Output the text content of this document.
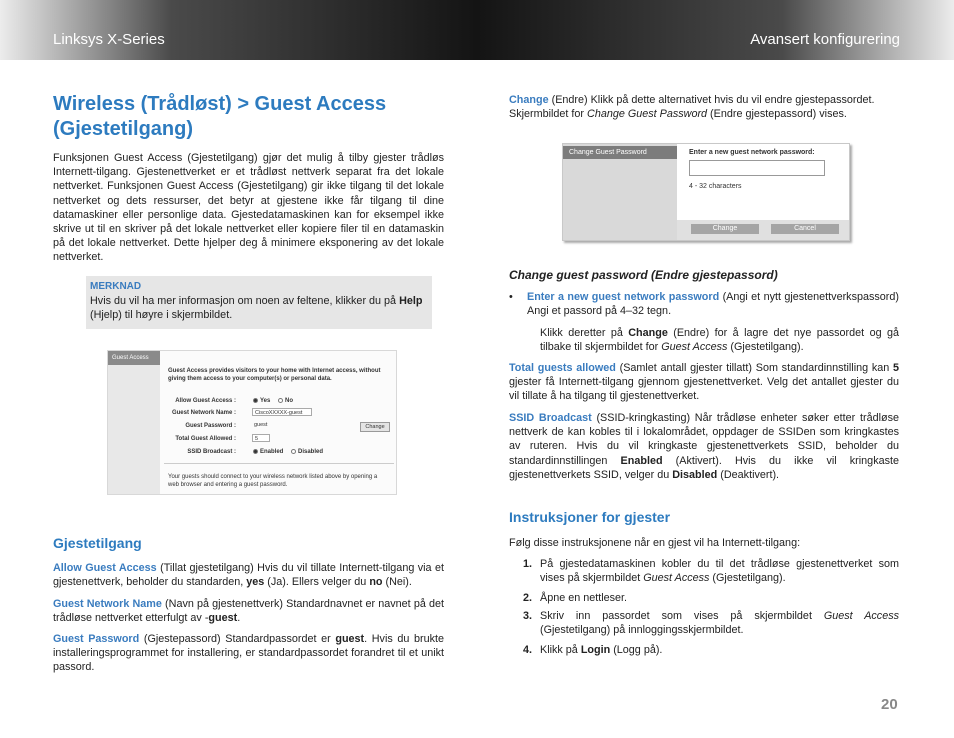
Linksys X-Series	Avansert konfigurering
Wireless (Trådløst) > Guest Access (Gjestetilgang)

Funksjonen Guest Access (Gjestetilgang) gjør det mulig å tilby gjester trådløs Internett-tilgang. Gjestenettverket er et trådløst nettverk separat fra det lokale nettverket. Funksjonen Guest Access (Gjestetilgang) gir ikke tilgang til det lokale nettverket og dets ressurser, det betyr at gjestene ikke får tilgang til dine datamaskiner eller personlige data. Gjestedatamaskinen kan for eksempel ikke skrive ut til en skriver på det lokale nettverket eller kopiere filer til en datamaskin på det lokale nettverket. Dette hjelper deg å minimere eksponering av det lokale nettverket.

MERKNAD
Hvis du vil ha mer informasjon om noen av feltene, klikker du på Help (Hjelp) til høyre i skjermbildet.
Guest Access
Guest Access provides visitors to your home with Internet access, without giving them access to your computer(s) or personal data.
Allow Guest Access :	Yes No
Guest Network Name :	CiscoXXXXX-guest
Guest Password :	guest	Change
Total Guest Allowed :	5
SSID Broadcast :	Enabled Disabled
Your guests should connect to your wireless network listed above by opening a web browser and entering a guest password.
Gjestetilgang

Allow Guest Access (Tillat gjestetilgang) Hvis du vil tillate Internett-tilgang via et gjestenettverk, beholder du standarden, yes (Ja). Ellers velger du no (Nei).

Guest Network Name (Navn på gjestenettverk) Standardnavnet er navnet på det trådløse nettverket etterfulgt av -guest.

Guest Password (Gjestepassord) Standardpassordet er guest. Hvis du brukte installeringsprogrammet for installering, er standardpassordet forandret til et unikt passord.

Change (Endre) Klikk på dette alternativet hvis du vil endre gjestepassordet. Skjermbildet for Change Guest Password (Endre gjestepassord) vises.

Change Guest Password	Enter a new guest network password:
4 - 32 characters
Change	Cancel
Change guest password (Endre gjestepassord)
• Enter a new guest network password (Angi et nytt gjestenettverkspassord) Angi et passord på 4–32 tegn.

Klikk deretter på Change (Endre) for å lagre det nye passordet og gå tilbake til skjermbildet for Guest Access (Gjestetilgang).

Total guests allowed (Samlet antall gjester tillatt) Som standardinnstilling kan 5 gjester få Internett-tilgang gjennom gjestenettverket. Velg det antallet gjester du vil tillate å ha tilgang til gjestenettverket.

SSID Broadcast (SSID-kringkasting) Når trådløse enheter søker etter trådløse nettverk de kan kobles til i lokalområdet, oppdager de SSIDen som kringkastes av ruteren. Hvis du vil kringkaste gjestenettverkets SSID, beholder du standardinnstillingen Enabled (Aktivert). Hvis du ikke vil kringkaste gjestenettverkets SSID, velger du Disabled (Deaktivert).

Instruksjoner for gjester

Følg disse instruksjonene når en gjest vil ha Internett-tilgang:

1. På gjestedatamaskinen kobler du til det trådløse gjestenettverket som vises på skjermbildet Guest Access (Gjestetilgang).

2. Åpne en nettleser.

3. Skriv inn passordet som vises på skjermbildet Guest Access (Gjestetilgang) på innloggingsskjermbildet.

4. Klikk på Login (Logg på).

20
